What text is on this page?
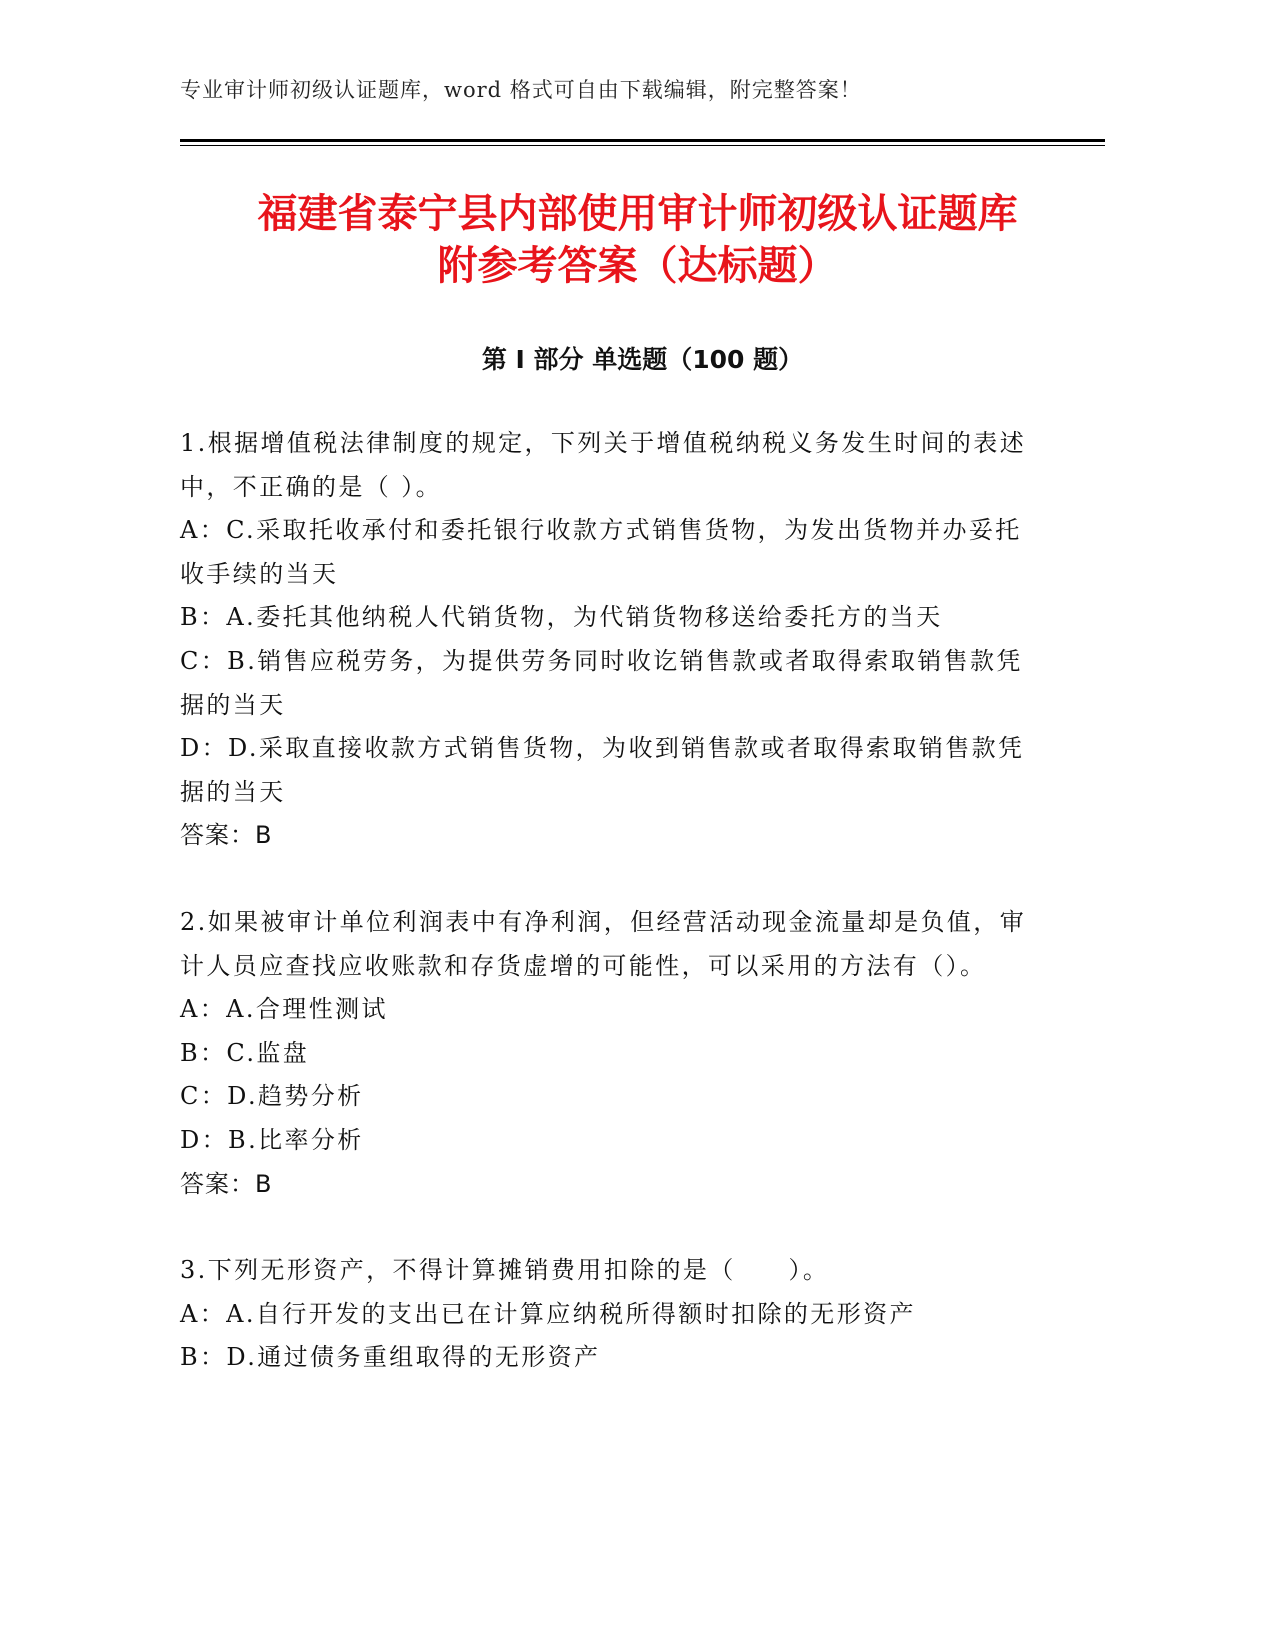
专业审计师初级认证题库，word 格式可自由下载编辑，附完整答案！
福建省泰宁县内部使用审计师初级认证题库
附参考答案（达标题）
第 I 部分 单选题（100 题）
1.根据增值税法律制度的规定，下列关于增值税纳税义务发生时间的表述中，不正确的是（ ）。
A：C.采取托收承付和委托银行收款方式销售货物，为发出货物并办妥托收手续的当天
B：A.委托其他纳税人代销货物，为代销货物移送给委托方的当天
C：B.销售应税劳务，为提供劳务同时收讫销售款或者取得索取销售款凭据的当天
D：D.采取直接收款方式销售货物，为收到销售款或者取得索取销售款凭据的当天
答案：B
2.如果被审计单位利润表中有净利润，但经营活动现金流量却是负值，审计人员应查找应收账款和存货虚增的可能性，可以采用的方法有（）。
A：A.合理性测试
B：C.监盘
C：D.趋势分析
D：B.比率分析
答案：B
3.下列无形资产，不得计算摊销费用扣除的是（　　）。
A：A.自行开发的支出已在计算应纳税所得额时扣除的无形资产
B：D.通过债务重组取得的无形资产
